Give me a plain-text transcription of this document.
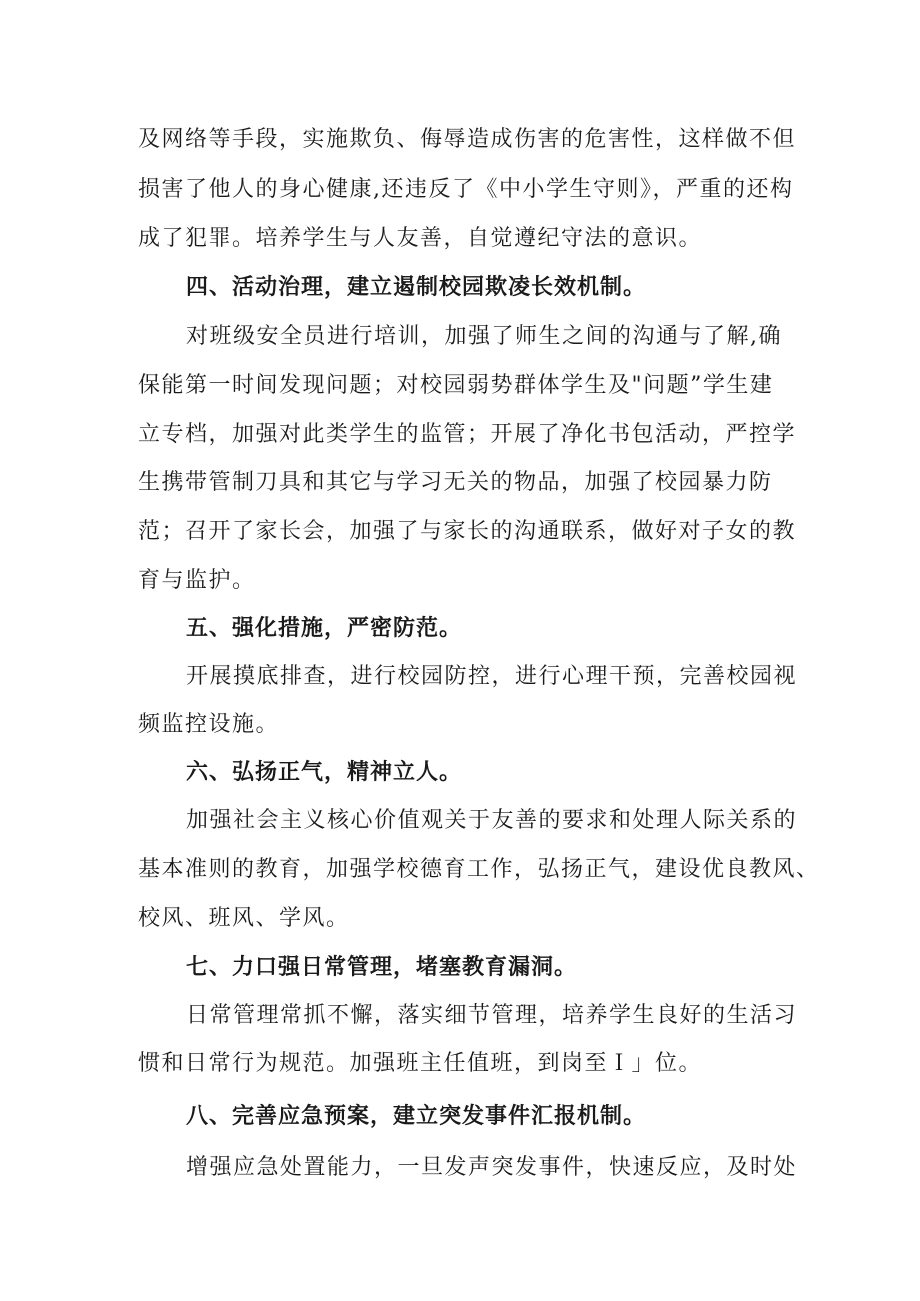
及网络等手段，实施欺负、侮辱造成伤害的危害性，这样做不但
损害了他人的身心健康,还违反了《中小学生守则》，严重的还构
成了犯罪。培养学生与人友善，自觉遵纪守法的意识。
四、活动治理，建立遏制校园欺凌长效机制。
对班级安全员进行培训，加强了师生之间的沟通与了解,确
保能第一时间发现问题；对校园弱势群体学生及"问题”学生建
立专档，加强对此类学生的监管；开展了净化书包活动，严控学
生携带管制刀具和其它与学习无关的物品，加强了校园暴力防
范；召开了家长会，加强了与家长的沟通联系，做好对子女的教
育与监护。
五、强化措施，严密防范。
开展摸底排查，进行校园防控，进行心理干预，完善校园视
频监控设施。
六、弘扬正气，精神立人。
加强社会主义核心价值观关于友善的要求和处理人际关系的
基本准则的教育，加强学校德育工作，弘扬正气，建设优良教风、
校风、班风、学风。
七、力口强日常管理，堵塞教育漏洞。
日常管理常抓不懈，落实细节管理，培养学生良好的生活习
惯和日常行为规范。加强班主任值班，到岗至Ｉ」位。
八、完善应急预案，建立突发事件汇报机制。
增强应急处置能力，一旦发声突发事件，快速反应，及时处
